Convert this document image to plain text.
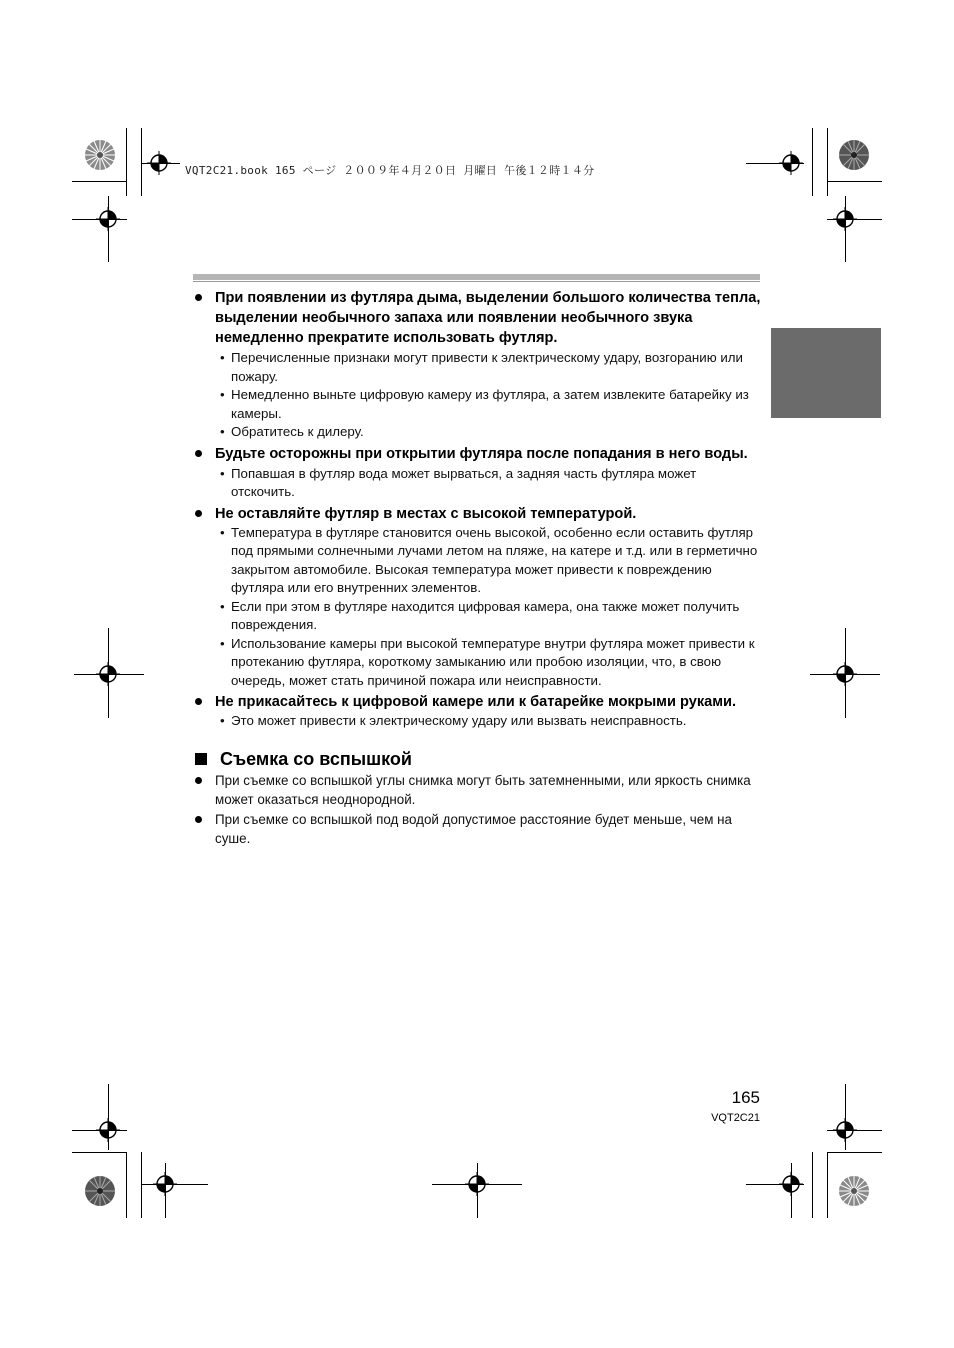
VQT2C21.book 165 ページ ２００９年４月２０日 月曜日 午後１２時１４分
При появлении из футляра дыма, выделении большого количества тепла, выделении необычного запаха или появлении необычного звука немедленно прекратите использовать футляр.
• Перечисленные признаки могут привести к электрическому удару, возгоранию или пожару.
• Немедленно выньте цифровую камеру из футляра, а затем извлеките батарейку из камеры.
• Обратитесь к дилеру.
Будьте осторожны при открытии футляра после попадания в него воды.
• Попавшая в футляр вода может вырваться, а задняя часть футляра может отскочить.
Не оставляйте футляр в местах с высокой температурой.
• Температура в футляре становится очень высокой, особенно если оставить футляр под прямыми солнечными лучами летом на пляже, на катере и т.д. или в герметично закрытом автомобиле. Высокая температура может привести к повреждению футляра или его внутренних элементов.
• Если при этом в футляре находится цифровая камера, она также может получить повреждения.
• Использование камеры при высокой температуре внутри футляра может привести к протеканию футляра, короткому замыканию или пробою изоляции, что, в свою очередь, может стать причиной пожара или неисправности.
Не прикасайтесь к цифровой камере или к батарейке мокрыми руками.
• Это может привести к электрическому удару или вызвать неисправность.
Съемка со вспышкой
При съемке со вспышкой углы снимка могут быть затемненными, или яркость снимка может оказаться неоднородной.
При съемке со вспышкой под водой допустимое расстояние будет меньше, чем на суше.
165
VQT2C21
